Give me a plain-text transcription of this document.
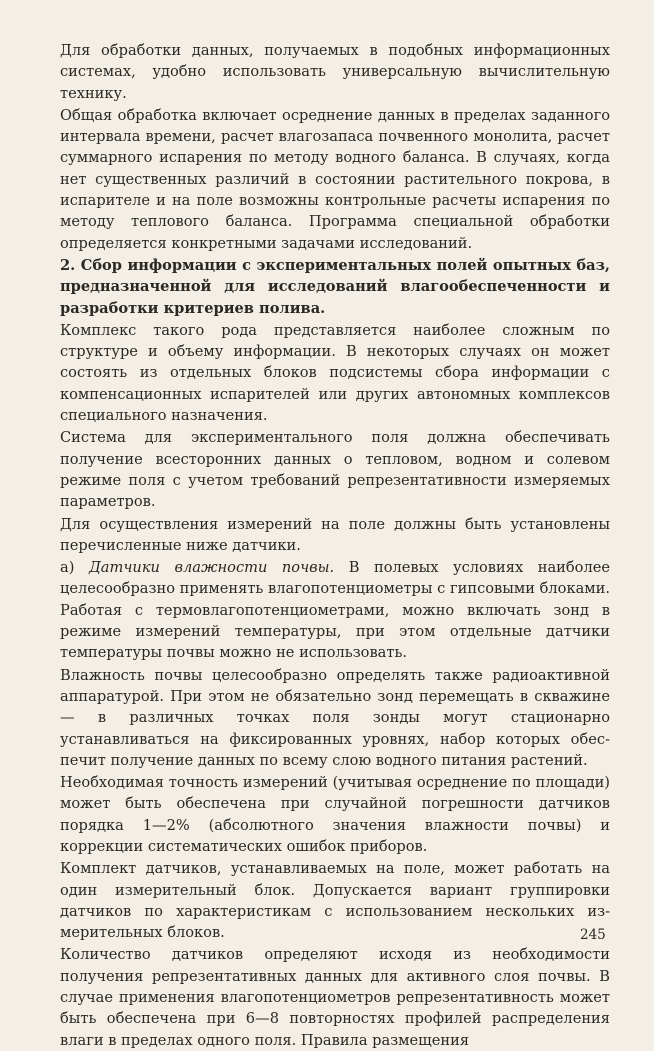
Для обработки данных, получаемых в подобных информационных системах, удобно использовать универсальную вычислительную технику.

Общая обработка включает осреднение данных в пределах заданного интервала времени, расчет влагозапаса почвенного монолита, расчет суммарного испарения по методу водного баланса. В случаях, когда нет существенных различий в состоянии растительного покрова, в испарителе и на поле возможны контрольные расчеты испарения по методу теплового баланса. Программа специальной обработки определяется конкретными задачами исследований.

2. Сбор информации с экспериментальных полей опытных баз, предназначенной для исследований влагообеспеченности и разработки критериев полива.

Комплекс такого рода представляется наиболее сложным по структуре и объему информации. В некоторых случаях он может состоять из отдельных блоков подсистемы сбора информации с компенсационных испарителей или других автономных комплексов специального назначения.

Система для экспериментального поля должна обеспечивать получение всесторонних данных о тепловом, водном и солевом режиме поля с учетом требований репрезентативности измеряемых параметров.

Для осуществления измерений на поле должны быть установлены перечисленные ниже датчики.

а) Датчики влажности почвы. В полевых условиях наиболее целесообразно применять влагопотенциометры с гипсовыми блоками. Работая с термовлагопотенциометрами, можно включать зонд в режиме измерений температуры, при этом отдельные датчики температуры почвы можно не использовать.

Влажность почвы целесообразно определять также радиоактивной аппаратурой. При этом не обязательно зонд перемещать в скважине — в различных точках поля зонды могут стационарно устанавливаться на фиксированных уровнях, набор которых обеспечит получение данных по всему слою водного питания растений.

Необходимая точность измерений (учитывая осреднение по площади) может быть обеспечена при случайной погрешности датчиков порядка 1—2% (абсолютного значения влажности почвы) и коррекции систематических ошибок приборов.

Комплект датчиков, устанавливаемых на поле, может работать на один измерительный блок. Допускается вариант группировки датчиков по характеристикам с использованием нескольких измерительных блоков.

Количество датчиков определяют исходя из необходимости получения репрезентативных данных для активного слоя почвы. В случае применения влагопотенциометров репрезентативность может быть обеспечена при 6—8 повторностях профилей распределения влаги в пределах одного поля. Правила размещения

245
